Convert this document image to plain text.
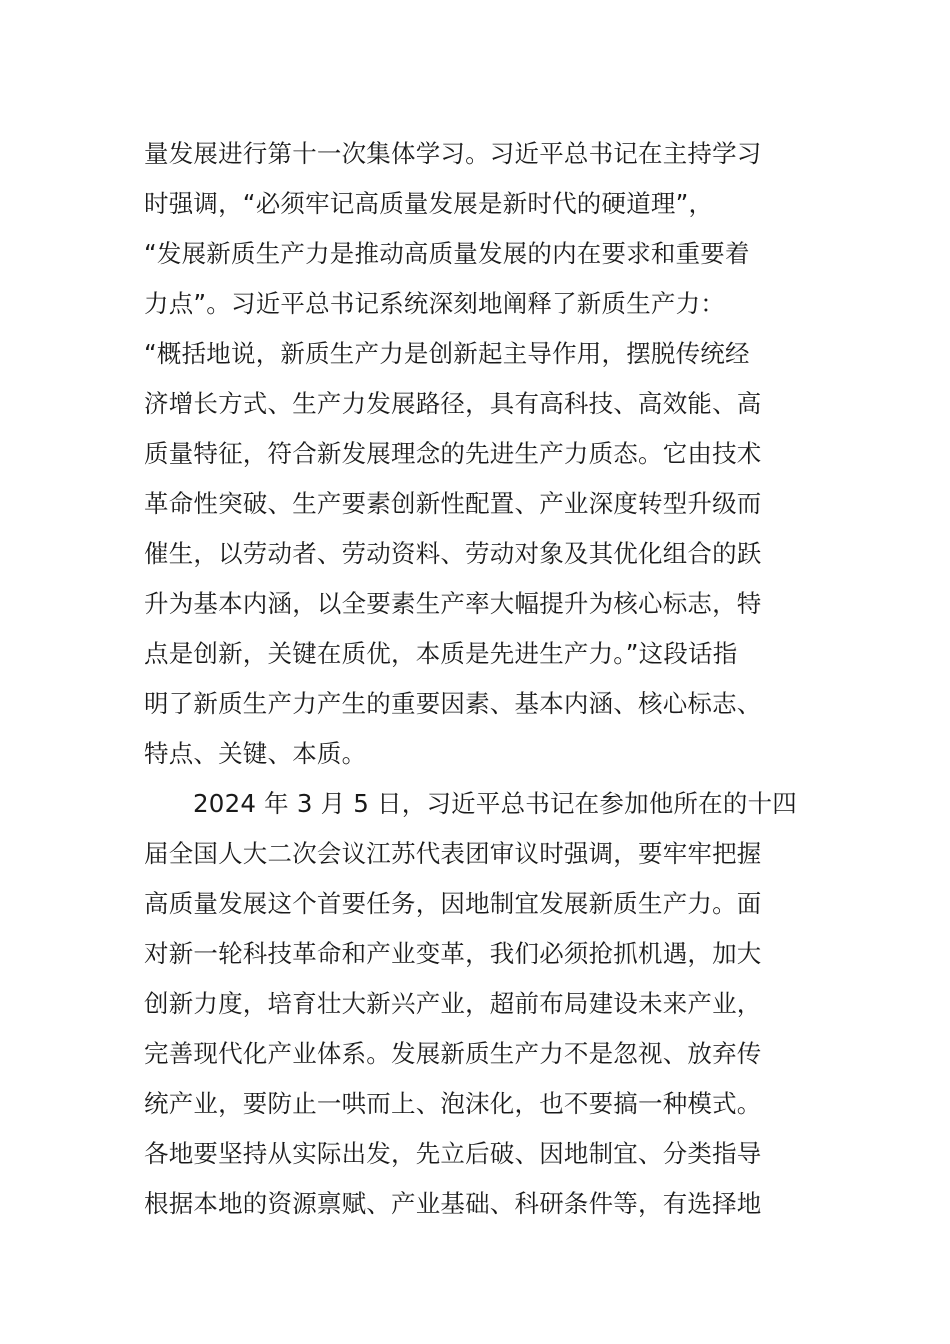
量发展进行第十一次集体学习。习近平总书记在主持学习
时强调，“必须牢记高质量发展是新时代的硬道理”，
“发展新质生产力是推动高质量发展的内在要求和重要着
力点”。习近平总书记系统深刻地阐释了新质生产力：
“概括地说，新质生产力是创新起主导作用，摆脱传统经
济增长方式、生产力发展路径，具有高科技、高效能、高
质量特征，符合新发展理念的先进生产力质态。它由技术
革命性突破、生产要素创新性配置、产业深度转型升级而
催生，以劳动者、劳动资料、劳动对象及其优化组合的跃
升为基本内涵，以全要素生产率大幅提升为核心标志，特
点是创新，关键在质优，本质是先进生产力。”这段话指
明了新质生产力产生的重要因素、基本内涵、核心标志、
特点、关键、本质。
2024 年 3 月 5 日，习近平总书记在参加他所在的十四
届全国人大二次会议江苏代表团审议时强调，要牢牢把握
高质量发展这个首要任务，因地制宜发展新质生产力。面
对新一轮科技革命和产业变革，我们必须抢抓机遇，加大
创新力度，培育壮大新兴产业，超前布局建设未来产业，
完善现代化产业体系。发展新质生产力不是忽视、放弃传
统产业，要防止一哄而上、泡沫化，也不要搞一种模式。
各地要坚持从实际出发，先立后破、因地制宜、分类指导
根据本地的资源禀赋、产业基础、科研条件等，有选择地
